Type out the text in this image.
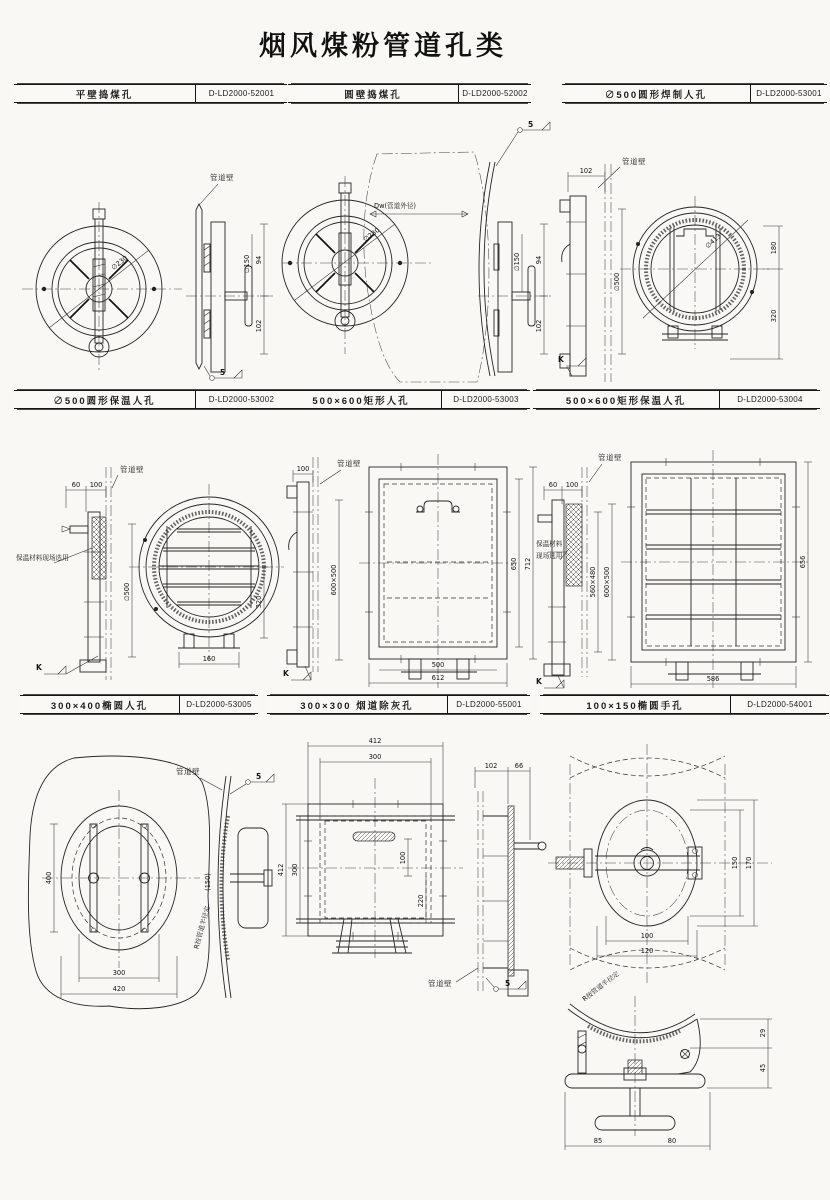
烟风煤粉管道孔类
平壁捣煤孔	D-LD2000-52001	圆壁捣煤孔	D-LD2000-52002	∅500圆形焊制人孔	D-LD2000-53001
∅500圆形保温人孔	D-LD2000-53002	500×600矩形人孔	D-LD2000-53003	500×600矩形保温人孔	D-LD2000-53004
300×400椭圆人孔	D-LD2000-53005	300×300 烟道除灰孔	D-LD2000-55001	100×150椭圆手孔	D-LD2000-54001
∅230
管道壁
94
102
∅150
5
∅230
Dw(管道外径)
94
102
∅150
5
102
管道壁
∅500
K
∅413	180
320
60 100
管道壁
保温材料现场选用
∅500
K
320
160
100
管道壁
600×500
K
650 712
500
612
60 100
管道壁
保温材料
现场选用
560×480 600×500
K
656
586
400
300
420
管道壁
5
R按管道半径定
(150)
412
300
412 300
100
220
102	66
管道壁	5
150 170
100
120
R按管道半径定
29
45
85	80
